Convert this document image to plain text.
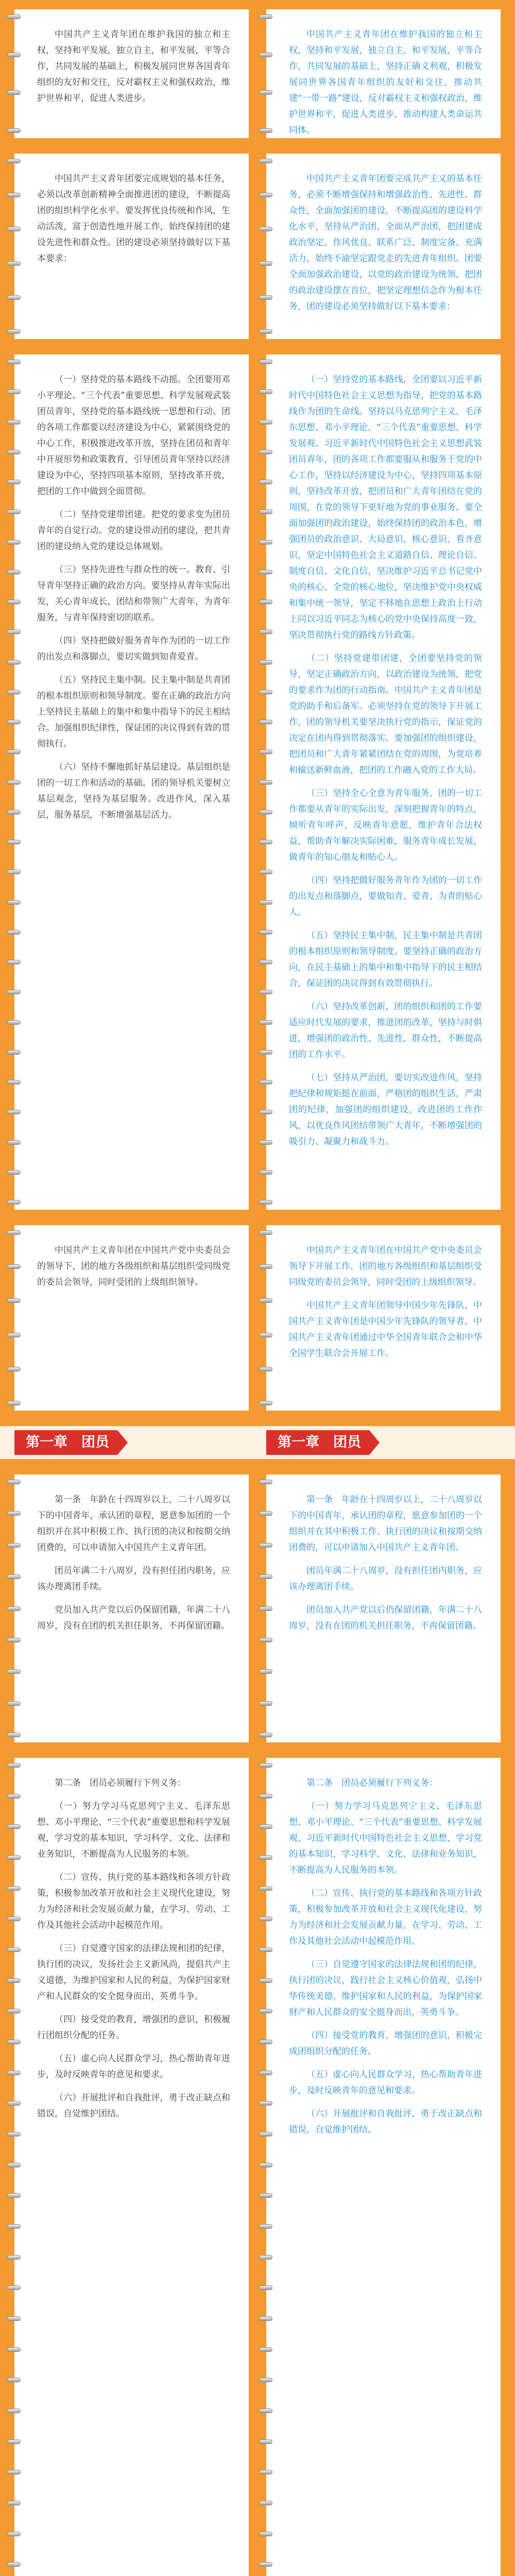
中国共产主义青年团在维护我国的独立和主权，坚持和平发展，独立自主，和平发展，平等合作，共同发展的基础上，积极发展同世界各国青年组织的友好和交往，反对霸权主义和强权政治，维护世界和平，促进人类进步。

中国共产主义青年团在维护我国的独立和主权，坚持和平发展，独立自主，和平发展，平等合作，共同发展的基础上，坚持正确义利观，积极发展同世界各国青年组织的友好和交往，推动共建“一带一路”建设，反对霸权主义和强权政治，维护世界和平，促进人类进步，推动构建人类命运共同体。

中国共产主义青年团要完成规划的基本任务，必须以改革创新精神全面推进团的建设，不断提高团的组织科学化水平。要发挥优良传统和作风，生动活泼，富于创造性地开展工作，始终保持团的建设先进性和群众性。团的建设必须坚持做好以下基本要求：

中国共产主义青年团要完成共产主义的基本任务，必须不断增强保持和增强政治性、先进性、群众性，全面加强团的建设，不断提高团的建设科学化水平，坚持从严治团，全面从严治团，把团建成政治坚定、作风优良、联系广泛、制度完备、充满活力，始终不渝坚定跟党走的先进青年组织。团要全面加强政治建设，以党的政治建设为统领，把团的政治建设摆在首位，把坚定理想信念作为根本任务，团的建设必须坚持做好以下基本要求：

（一）坚持党的基本路线不动摇。全团要用邓小平理论、“三个代表”重要思想、科学发展观武装团员青年，坚持党的基本路线统一思想和行动。团的各项工作都要以经济建设为中心，紧紧围绕党的中心工作，积极推进改革开放，坚持在团员和青年中开展形势和政策教育，引导团员青年坚持以经济建设为中心，坚持四项基本原则，坚持改革开放，把团的工作中做到全面贯彻。

（二）坚持党建带团建。把党的要求变为团员青年的自觉行动。党的建设带动团的建设，把共青团的建设纳入党的建设总体规划。

（三）坚持先进性与群众性的统一。教育、引导青年坚持正确的政治方向。要坚持从青年实际出发，关心青年成长，团结和带领广大青年，为青年服务，与青年保持密切的联系。

（四）坚持把做好服务青年作为团的一切工作的出发点和落脚点，要切实做到知青爱青。

（五）坚持民主集中制。民主集中制是共青团的根本组织原则和领导制度。要在正确的政治方向上坚持民主基础上的集中和集中指导下的民主相结合。加强组织纪律性，保证团的决议得到有效的贯彻执行。

（六）坚持不懈地抓好基层建设。基层组织是团的一切工作和活动的基础。团的领导机关要树立基层观念，坚持为基层服务。改进作风，深入基层，服务基层，不断增强基层活力。

（一）坚持党的基本路线，全团要以习近平新时代中国特色社会主义思想为指导，把党的基本路线作为团的生命线。坚持以马克思列宁主义、毛泽东思想、邓小平理论、“三个代表”重要思想、科学发展观、习近平新时代中国特色社会主义思想武装团员青年，团的各项工作都要服从和服务于党的中心工作，坚持以经济建设为中心，坚持四项基本原则，坚持改革开放，把团员和广大青年团结在党的周围，在党的领导下更好地为党的事业服务。要全面加强团的政治建设，始终保持团的政治本色，增强团员的政治意识、大局意识、核心意识、看齐意识，坚定中国特色社会主义道路自信、理论自信、制度自信、文化自信，坚决维护习近平总书记党中央的核心、全党的核心地位，坚决维护党中央权威和集中统一领导，坚定不移地在思想上政治上行动上同以习近平同志为核心的党中央保持高度一致，坚决贯彻执行党的路线方针政策。

（二）坚持党建带团建，全团要坚持党的领导，坚定正确政治方向，以政治建设为统领，把党的要求作为团的行动指南。中国共产主义青年团是党的助手和后备军。必须坚持在党的领导下开展工作，团的领导机关要坚决执行党的指示，保证党的决定在团内得到贯彻落实。要加强团的组织建设，把团员和广大青年紧紧团结在党的周围，为党培养和输送新鲜血液，把团的工作融入党的工作大局。

（三）坚持全心全意为青年服务，团的一切工作都要从青年的实际出发，深刻把握青年的特点，倾听青年呼声，反映青年意愿，维护青年合法权益，帮助青年解决实际困难，服务青年成长发展，做青年的知心朋友和贴心人。

（四）坚持把做好服务青年作为团的一切工作的出发点和落脚点，要做知青、爱青、为青的贴心人。

（五）坚持民主集中制，民主集中制是共青团的根本组织原则和领导制度。要坚持正确的政治方向，在民主基础上的集中和集中指导下的民主相结合，保证团的决议得到有效贯彻执行。

（六）坚持改革创新，团的组织和团的工作要适应时代发展的要求，推进团的改革，坚持与时俱进，增强团的政治性、先进性、群众性，不断提高团的工作水平。

（七）坚持从严治团，要切实改进作风，坚持把纪律和规矩挺在前面，严格团的组织生活，严肃团的纪律，加强团的组织建设，改进团的工作作风，以优良作风团结带领广大青年，不断增强团的吸引力、凝聚力和战斗力。

中国共产主义青年团在中国共产党中央委员会的领导下，团的地方各级组织和基层组织受同级党的委员会领导，同时受团的上级组织领导。

中国共产主义青年团在中国共产党中央委员会领导下开展工作，团的地方各级组织和基层组织受同级党的委员会领导，同时受团的上级组织领导。

中国共产主义青年团领导中国少年先锋队，中国共产主义青年团是中国少年先锋队的领导者。中国共产主义青年团通过中华全国青年联合会和中华全国学生联合会开展工作。

第一章　团员	第一章　团员

第一条　年龄在十四周岁以上，二十八周岁以下的中国青年，承认团的章程，愿意参加团的一个组织并在其中积极工作、执行团的决议和按期交纳团费的，可以申请加入中国共产主义青年团。

团员年满二十八周岁，没有担任团内职务，应该办理离团手续。

党员加入共产党以后仍保留团籍，年满二十八周岁，没有在团的机关担任职务，不再保留团籍。

第一条　年龄在十四周岁以上，二十八周岁以下的中国青年，承认团的章程，愿意参加团的一个组织并在其中积极工作、执行团的决议和按期交纳团费的，可以申请加入中国共产主义青年团。

团员年满二十八周岁，没有担任团内职务，应该办理离团手续。

团员加入共产党以后仍保留团籍，年满二十八周岁，没有在团的机关担任职务，不再保留团籍。

第二条　团员必须履行下列义务：

（一）努力学习马克思列宁主义、毛泽东思想、邓小平理论、“三个代表”重要思想和科学发展观，学习党的基本知识，学习科学、文化、法律和业务知识，不断提高为人民服务的本领。

（二）宣传、执行党的基本路线和各项方针政策，积极参加改革开放和社会主义现代化建设，努力为经济和社会发展贡献力量，在学习、劳动、工作及其他社会活动中起模范作用。

（三）自觉遵守国家的法律法规和团的纪律，执行团的决议，发扬社会主义新风尚，提倡共产主义道德，为维护国家和人民的利益，为保护国家财产和人民群众的安全挺身而出，英勇斗争。

（四）接受党的教育，增强团的意识，积极履行团组织分配的任务。

（五）虚心向人民群众学习，热心帮助青年进步，及时反映青年的意见和要求。

（六）开展批评和自我批评，勇于改正缺点和错误，自觉维护团结。

第二条　团员必须履行下列义务：

（一）努力学习马克思列宁主义、毛泽东思想、邓小平理论、“三个代表”重要思想、科学发展观、习近平新时代中国特色社会主义思想，学习党的基本知识，学习科学、文化、法律和业务知识，不断提高为人民服务的本领。

（二）宣传、执行党的基本路线和各项方针政策，积极参加改革开放和社会主义现代化建设，努力为经济和社会发展贡献力量，在学习、劳动、工作及其他社会活动中起模范作用。

（三）自觉遵守国家的法律法规和团的纪律，执行团的决议，践行社会主义核心价值观，弘扬中华传统美德，维护国家和人民的利益，为保护国家财产和人民群众的安全挺身而出，英勇斗争。

（四）接受党的教育，增强团的意识，积极完成团组织分配的任务。

（五）虚心向人民群众学习，热心帮助青年进步，及时反映青年的意见和要求。

（六）开展批评和自我批评，勇于改正缺点和错误，自觉维护团结。
